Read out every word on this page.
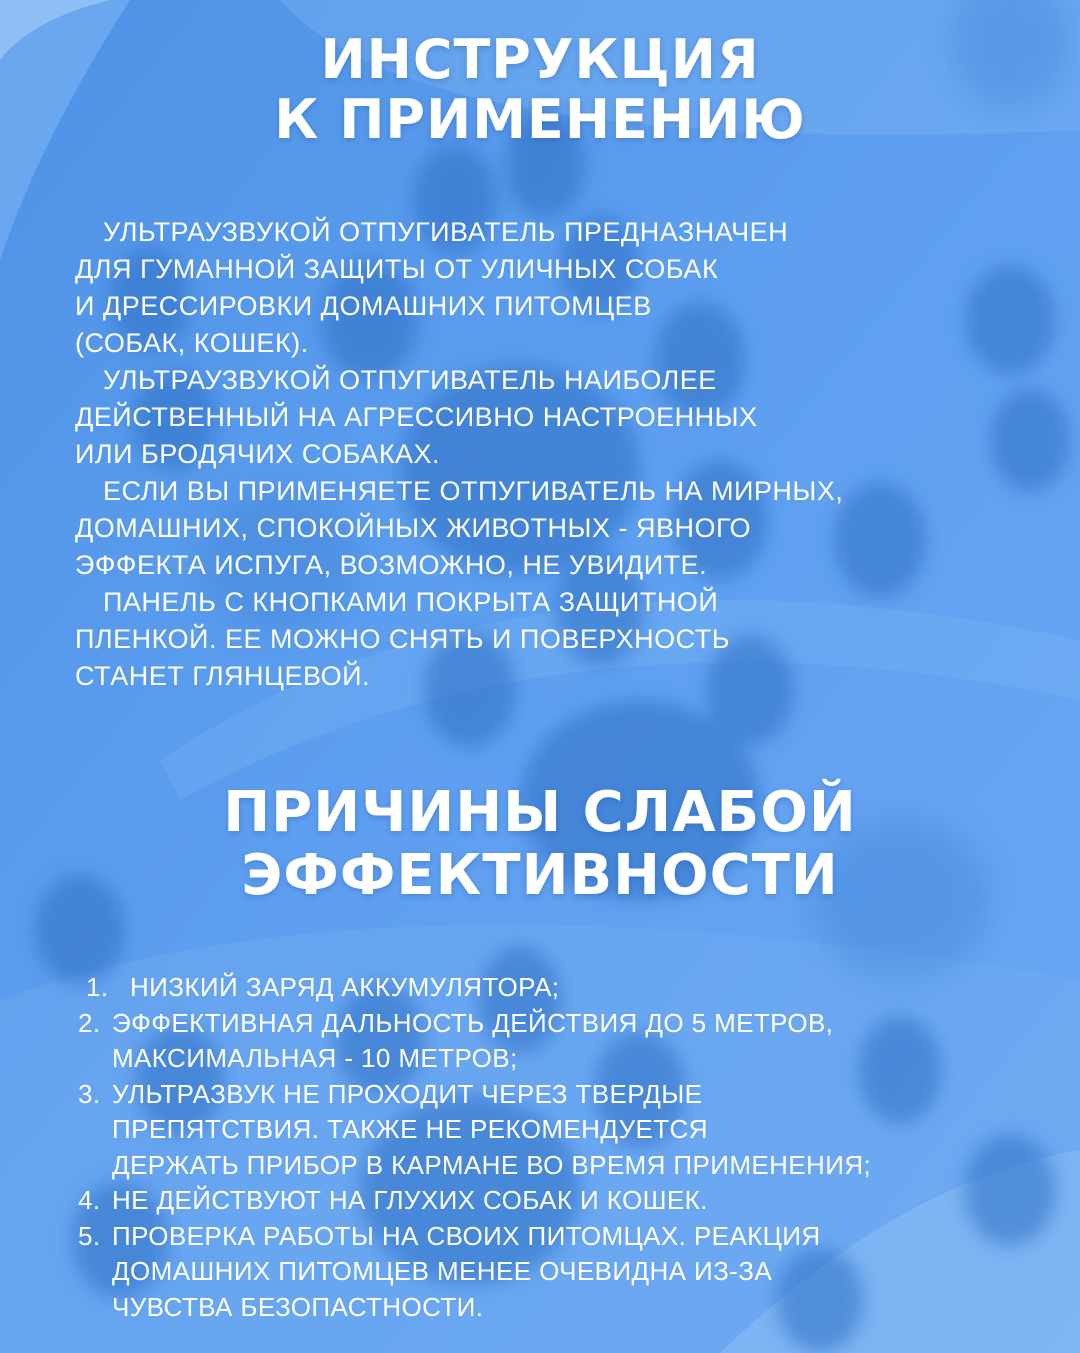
ИНСТРУКЦИЯ
К ПРИМЕНЕНИЮ
УЛЬТРАУЗВУКОЙ ОТПУГИВАТЕЛЬ ПРЕДНАЗНАЧЕН
ДЛЯ ГУМАННОЙ ЗАЩИТЫ ОТ УЛИЧНЫХ СОБАК
И ДРЕССИРОВКИ ДОМАШНИХ ПИТОМЦЕВ
(СОБАК, КОШЕК).
УЛЬТРАУЗВУКОЙ ОТПУГИВАТЕЛЬ НАИБОЛЕЕ
ДЕЙСТВЕННЫЙ НА АГРЕССИВНО НАСТРОЕННЫХ
ИЛИ БРОДЯЧИХ СОБАКАХ.
ЕСЛИ ВЫ ПРИМЕНЯЕТЕ ОТПУГИВАТЕЛЬ НА МИРНЫХ,
ДОМАШНИХ, СПОКОЙНЫХ ЖИВОТНЫХ - ЯВНОГО
ЭФФЕКТА ИСПУГА, ВОЗМОЖНО, НЕ УВИДИТЕ.
ПАНЕЛЬ С КНОПКАМИ ПОКРЫТА ЗАЩИТНОЙ
ПЛЕНКОЙ. ЕЕ МОЖНО СНЯТЬ И ПОВЕРХНОСТЬ
СТАНЕТ ГЛЯНЦЕВОЙ.
ПРИЧИНЫ СЛАБОЙ
ЭФФЕКТИВНОСТИ
1. НИЗКИЙ ЗАРЯД АККУМУЛЯТОРА;
2. ЭФФЕКТИВНАЯ ДАЛЬНОСТЬ ДЕЙСТВИЯ ДО 5 МЕТРОВ,
МАКСИМАЛЬНАЯ - 10 МЕТРОВ;
3. УЛЬТРАЗВУК НЕ ПРОХОДИТ ЧЕРЕЗ ТВЕРДЫЕ
ПРЕПЯТСТВИЯ. ТАКЖЕ НЕ РЕКОМЕНДУЕТСЯ
ДЕРЖАТЬ ПРИБОР В КАРМАНЕ ВО ВРЕМЯ ПРИМЕНЕНИЯ;
4. НЕ ДЕЙСТВУЮТ НА ГЛУХИХ СОБАК И КОШЕК.
5. ПРОВЕРКА РАБОТЫ НА СВОИХ ПИТОМЦАХ. РЕАКЦИЯ
ДОМАШНИХ ПИТОМЦЕВ МЕНЕЕ ОЧЕВИДНА ИЗ-ЗА
ЧУВСТВА БЕЗОПАСТНОСТИ.
